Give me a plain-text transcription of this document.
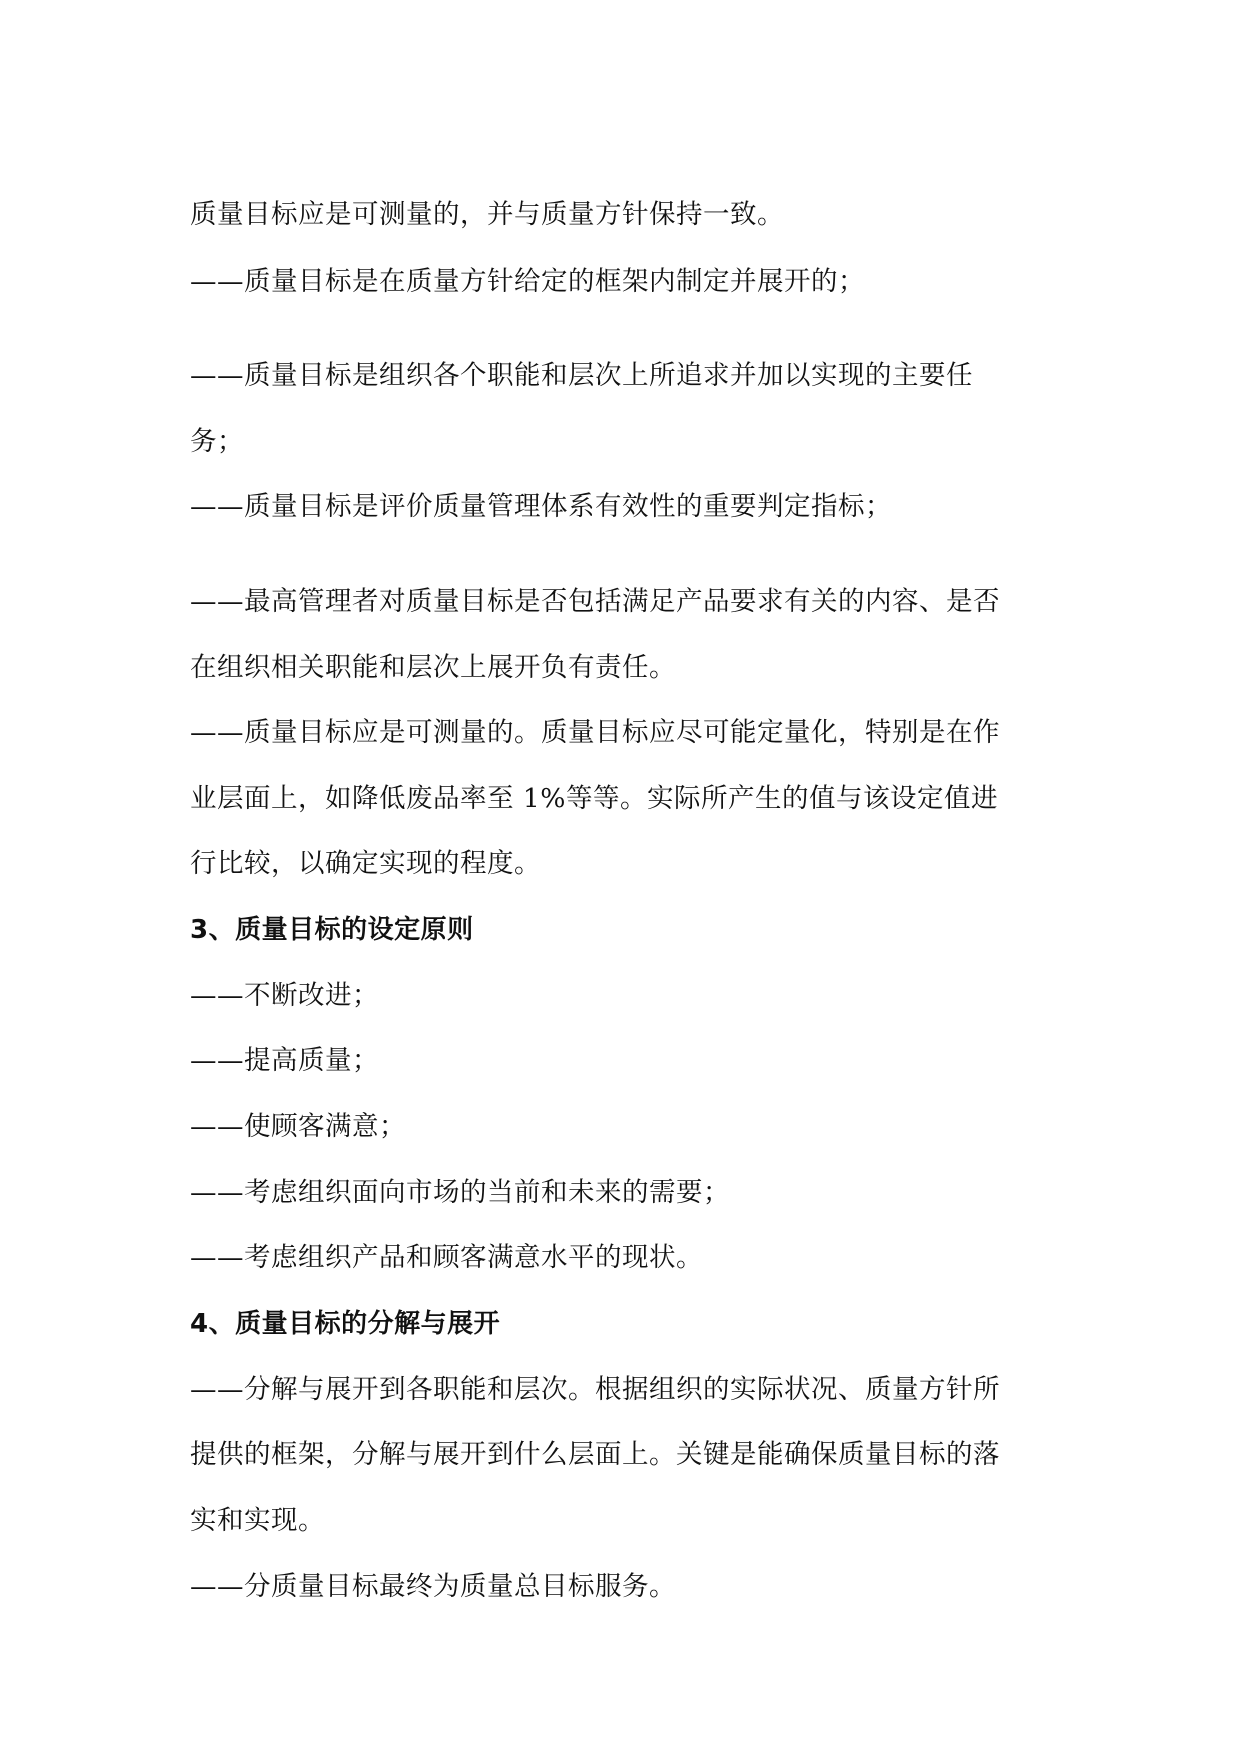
质量目标应是可测量的，并与质量方针保持一致。
——质量目标是在质量方针给定的框架内制定并展开的；
——质量目标是组织各个职能和层次上所追求并加以实现的主要任
务；
——质量目标是评价质量管理体系有效性的重要判定指标；
——最高管理者对质量目标是否包括满足产品要求有关的内容、是否
在组织相关职能和层次上展开负有责任。
——质量目标应是可测量的。质量目标应尽可能定量化，特别是在作
业层面上，如降低废品率至 1%等等。实际所产生的值与该设定值进
行比较，以确定实现的程度。
3、质量目标的设定原则
——不断改进；
——提高质量；
——使顾客满意；
——考虑组织面向市场的当前和未来的需要；
——考虑组织产品和顾客满意水平的现状。
4、质量目标的分解与展开
——分解与展开到各职能和层次。根据组织的实际状况、质量方针所
提供的框架，分解与展开到什么层面上。关键是能确保质量目标的落
实和实现。
——分质量目标最终为质量总目标服务。
